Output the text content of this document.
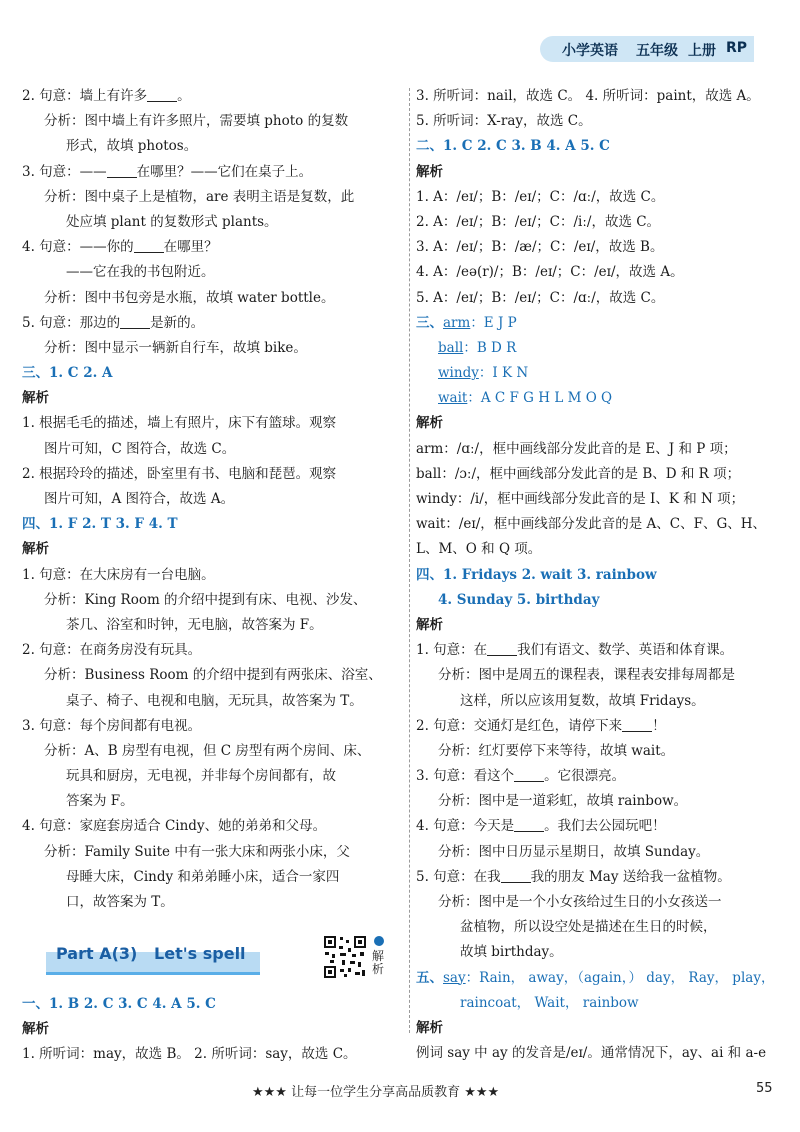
小学英语 五年级 上册 RP
2. 句意：墙上有许多 。
分析：图中墙上有许多照片，需要填 photo 的复数
形式，故填 photos。
3. 句意：—— 在哪里？——它们在桌子上。
分析：图中桌子上是植物，are 表明主语是复数，此
处应填 plant 的复数形式 plants。
4. 句意：——你的 在哪里？
——它在我的书包附近。
分析：图中书包旁是水瓶，故填 water bottle。
5. 句意：那边的 是新的。
分析：图中显示一辆新自行车，故填 bike。
三、1. C 2. A
解析
1. 根据毛毛的描述，墙上有照片，床下有篮球。观察
图片可知，C 图符合，故选 C。
2. 根据玲玲的描述，卧室里有书、电脑和琵琶。观察
图片可知，A 图符合，故选 A。
四、1. F 2. T 3. F 4. T
解析
1. 句意：在大床房有一台电脑。
分析：King Room 的介绍中提到有床、电视、沙发、
茶几、浴室和时钟，无电脑，故答案为 F。
2. 句意：在商务房没有玩具。
分析：Business Room 的介绍中提到有两张床、浴室、
桌子、椅子、电视和电脑，无玩具，故答案为 T。
3. 句意：每个房间都有电视。
分析：A、B 房型有电视，但 C 房型有两个房间、床、
玩具和厨房，无电视，并非每个房间都有，故
答案为 F。
4. 句意：家庭套房适合 Cindy、她的弟弟和父母。
分析：Family Suite 中有一张大床和两张小床，父
母睡大床，Cindy 和弟弟睡小床，适合一家四
口，故答案为 T。
Part A(3)   Let's spell	解析
一、1. B 2. C 3. C 4. A 5. C
解析
1. 所听词：may，故选 B。 2. 所听词：say，故选 C。
3. 所听词：nail，故选 C。 4. 所听词：paint，故选 A。
5. 所听词：X-ray，故选 C。
二、1. C 2. C 3. B 4. A 5. C
解析
1. A：/eɪ/；B：/eɪ/；C：/ɑː/，故选 C。
2. A：/eɪ/；B：/eɪ/；C：/iː/，故选 C。
3. A：/eɪ/；B：/æ/；C：/eɪ/，故选 B。
4. A：/eə(r)/；B：/eɪ/；C：/eɪ/，故选 A。
5. A：/eɪ/；B：/eɪ/；C：/ɑː/，故选 C。
三、arm：E J P
ball：B D R
windy：I K N
wait：A C F G H L M O Q
解析
arm：/ɑː/，框中画线部分发此音的是 E、J 和 P 项；
ball：/ɔː/，框中画线部分发此音的是 B、D 和 R 项；
windy：/i/，框中画线部分发此音的是 I、K 和 N 项；
wait：/eɪ/，框中画线部分发此音的是 A、C、F、G、H、
L、M、O 和 Q 项。
四、1. Fridays 2. wait 3. rainbow
4. Sunday 5. birthday
解析
1. 句意：在 我们有语文、数学、英语和体育课。
分析：图中是周五的课程表，课程表安排每周都是
这样，所以应该用复数，故填 Fridays。
2. 句意：交通灯是红色，请停下来 ！
分析：红灯要停下来等待，故填 wait。
3. 句意：看这个 。它很漂亮。
分析：图中是一道彩虹，故填 rainbow。
4. 句意：今天是 。我们去公园玩吧！
分析：图中日历显示星期日，故填 Sunday。
5. 句意：在我 我的朋友 May 送给我一盆植物。
分析：图中是一个小女孩给过生日的小女孩送一
盆植物，所以设空处是描述在生日的时候，
故填 birthday。
五、say：Rain， away，（again，） day， Ray， play，
raincoat， Wait， rainbow
解析
例词 say 中 ay 的发音是/eɪ/。通常情况下，ay、ai 和 a-e
★★★ 让每一位学生分享高品质教育 ★★★	55
